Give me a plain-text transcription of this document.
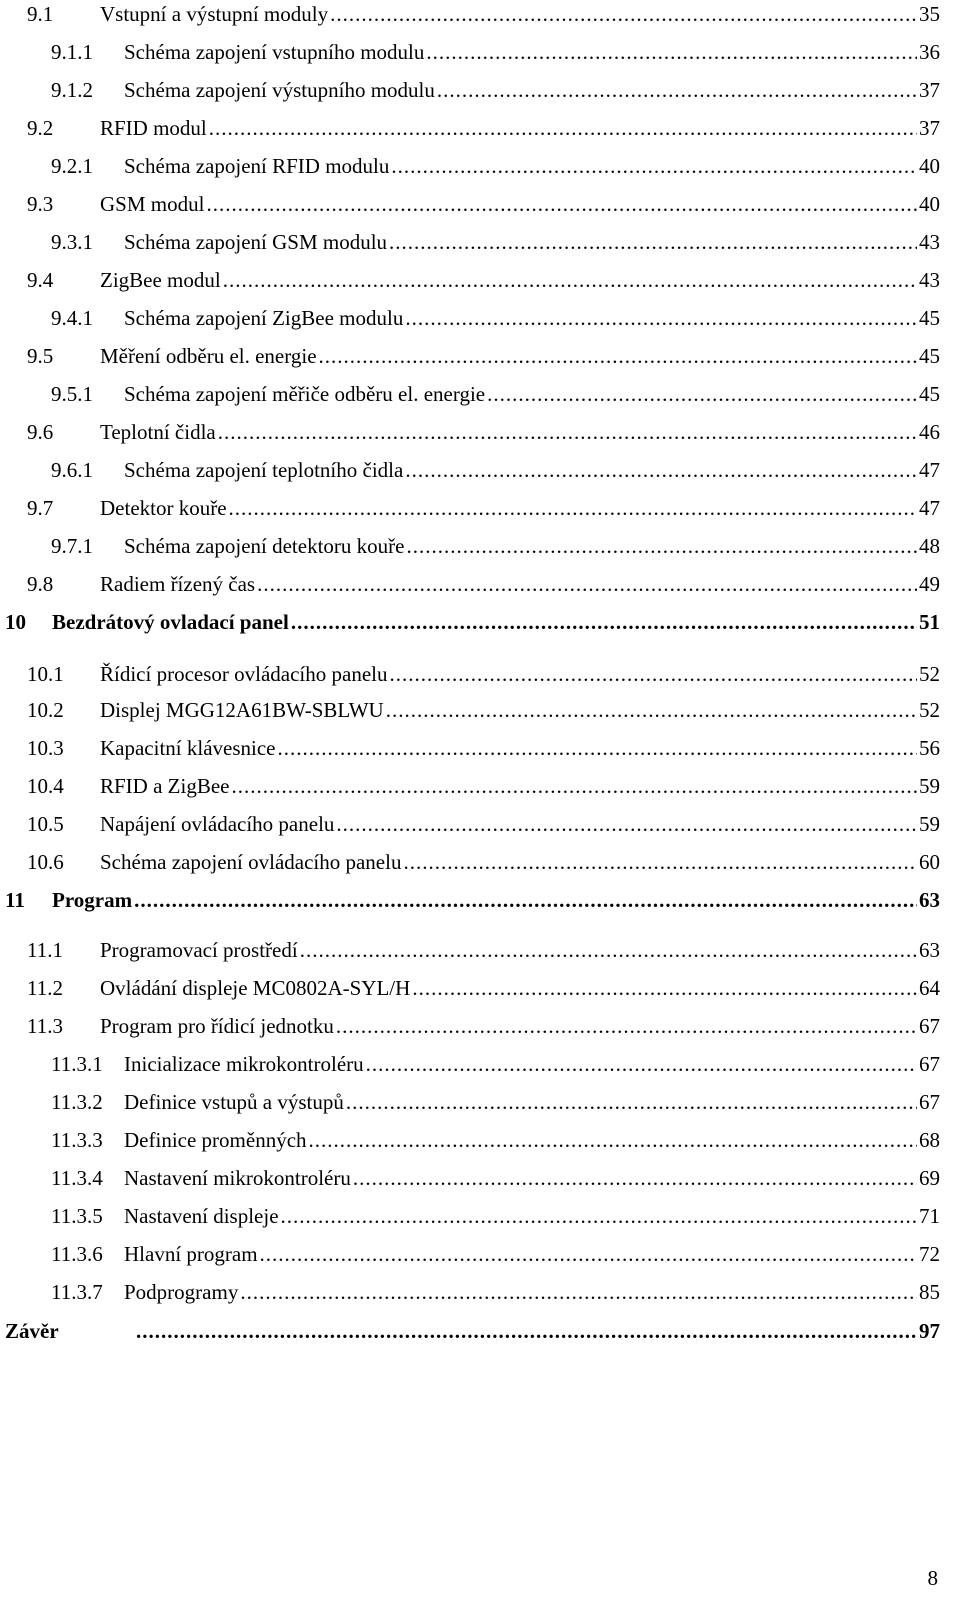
9.1 Vstupní a výstupní moduly .....	35
9.1.1 Schéma zapojení vstupního modulu .....	36
9.1.2 Schéma zapojení výstupního modulu .....	37
9.2 RFID modul .....	37
9.2.1 Schéma zapojení RFID modulu .....	40
9.3 GSM modul .....	40
9.3.1 Schéma zapojení GSM modulu .....	43
9.4 ZigBee modul .....	43
9.4.1 Schéma zapojení ZigBee modulu .....	45
9.5 Měření odběru el. energie .....	45
9.5.1 Schéma zapojení měřiče odběru el. energie .....	45
9.6 Teplotní čidla .....	46
9.6.1 Schéma zapojení teplotního čidla .....	47
9.7 Detektor kouře .....	47
9.7.1 Schéma zapojení detektoru kouře .....	48
9.8 Radiem řízený čas .....	49
10 Bezdrátový ovladací panel .....	51
10.1 Řídicí procesor ovládacího panelu .....	52
10.2 Displej MGG12A61BW-SBLWU .....	52
10.3 Kapacitní klávesnice .....	56
10.4 RFID a ZigBee .....	59
10.5 Napájení ovládacího panelu .....	59
10.6 Schéma zapojení ovládacího panelu .....	60
11 Program .....	63
11.1 Programovací prostředí .....	63
11.2 Ovládání displeje MC0802A-SYL/H .....	64
11.3 Program pro řídicí jednotku .....	67
11.3.1 Inicializace mikrokontroléru .....	67
11.3.2 Definice vstupů a výstupů .....	67
11.3.3 Definice proměnných .....	68
11.3.4 Nastavení mikrokontroléru .....	69
11.3.5 Nastavení displeje .....	71
11.3.6 Hlavní program .....	72
11.3.7 Podprogramy .....	85
Závěr .....	97
8
